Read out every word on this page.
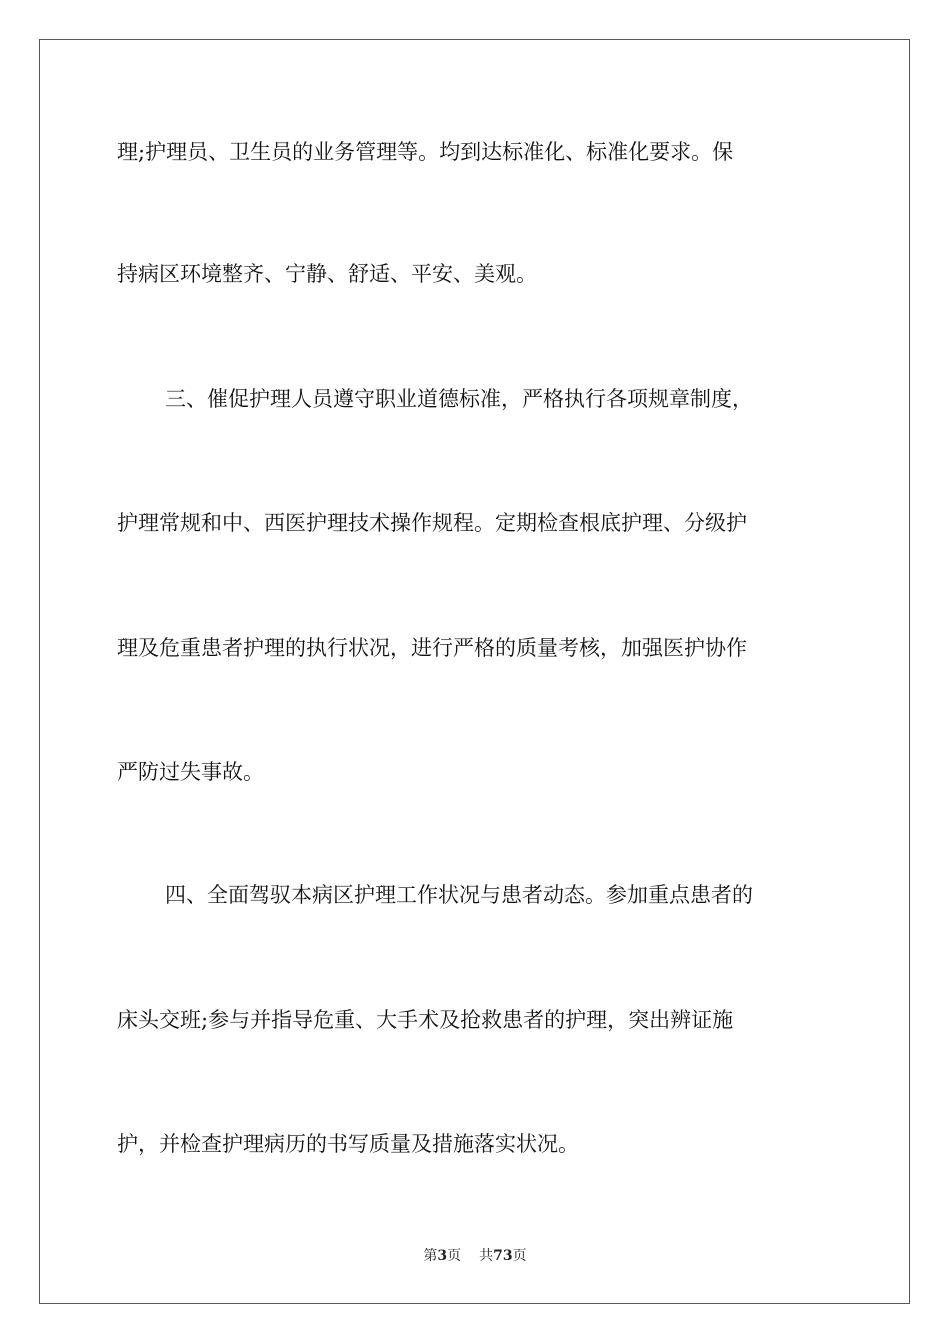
理;护理员、卫生员的业务管理等。均到达标准化、标准化要求。保
持病区环境整齐、宁静、舒适、平安、美观。
三、催促护理人员遵守职业道德标准，严格执行各项规章制度，
护理常规和中、西医护理技术操作规程。定期检查根底护理、分级护
理及危重患者护理的执行状况，进行严格的质量考核，加强医护协作
严防过失事故。
四、全面驾驭本病区护理工作状况与患者动态。参加重点患者的
床头交班;参与并指导危重、大手术及抢救患者的护理，突出辨证施
护，并检查护理病历的书写质量及措施落实状况。
第3页 共73页
